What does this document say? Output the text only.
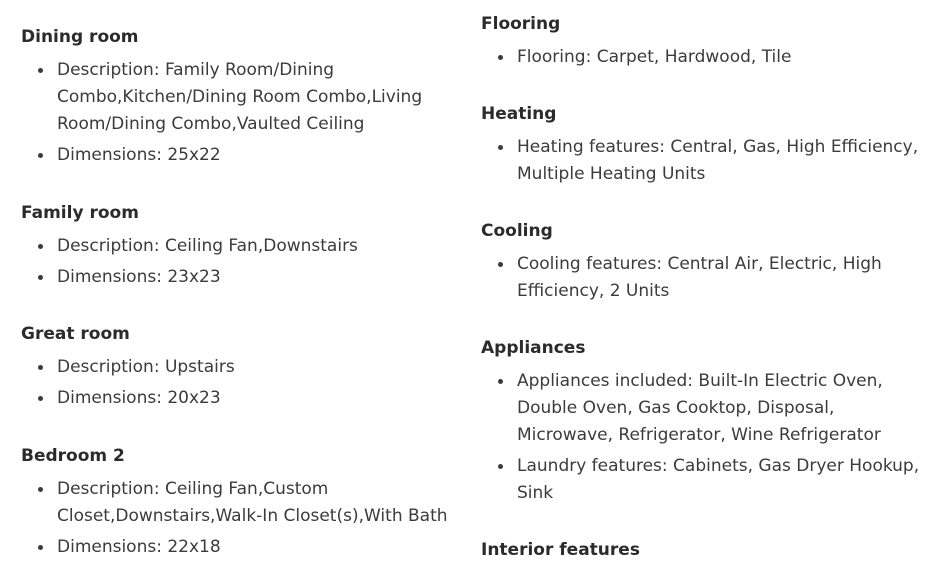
Dining room
Description: Family Room/Dining Combo,Kitchen/Dining Room Combo,Living Room/Dining Combo,Vaulted Ceiling
Dimensions: 25x22
Family room
Description: Ceiling Fan,Downstairs
Dimensions: 23x23
Great room
Description: Upstairs
Dimensions: 20x23
Bedroom 2
Description: Ceiling Fan,Custom Closet,Downstairs,Walk-In Closet(s),With Bath
Dimensions: 22x18
Flooring
Flooring: Carpet, Hardwood, Tile
Heating
Heating features: Central, Gas, High Efficiency, Multiple Heating Units
Cooling
Cooling features: Central Air, Electric, High Efficiency, 2 Units
Appliances
Appliances included: Built-In Electric Oven, Double Oven, Gas Cooktop, Disposal, Microwave, Refrigerator, Wine Refrigerator
Laundry features: Cabinets, Gas Dryer Hookup, Sink
Interior features
